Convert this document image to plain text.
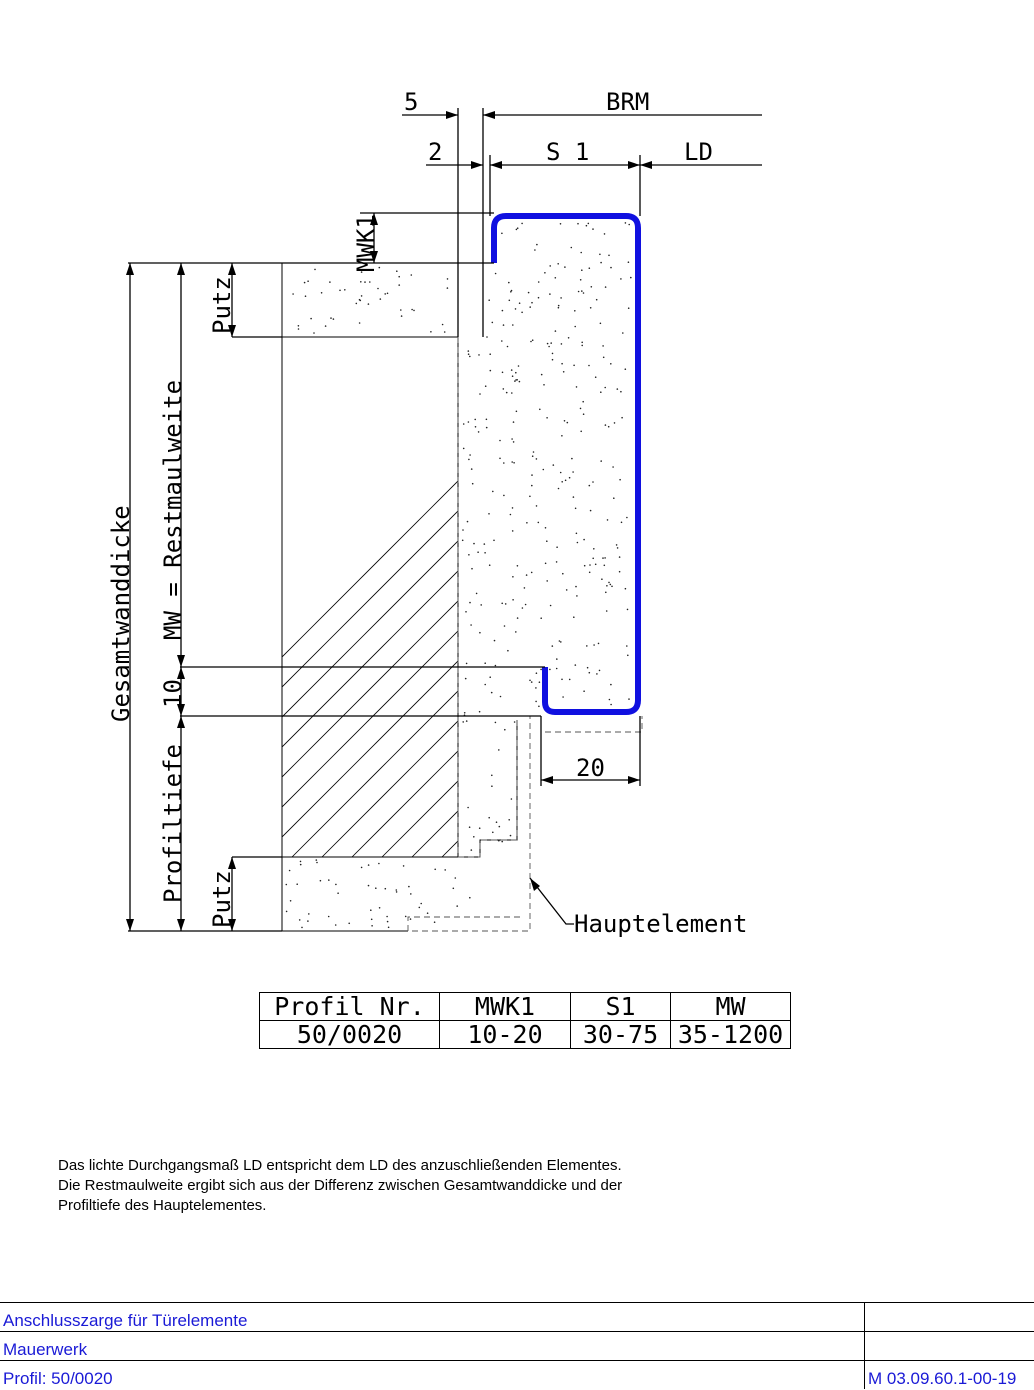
5	BRM
2	S 1	LD
MWK1
Putz
Putz
MW = Restmaulweite
10
Profiltiefe
Gesamtwanddicke
20
Hauptelement
Profil Nr.	MWK1	S1	MW
50/0020	10-20	30-75	35-1200

Das lichte Durchgangsmaß LD entspricht dem LD des anzuschließenden Elementes.

Die Restmaulweite ergibt sich aus der Differenz zwischen Gesamtwanddicke und der

Profiltiefe des Hauptelementes.

Anschlusszarge für Türelemente	
Mauerwerk	
Profil: 50/0020	M 03.09.60.1-00-19
